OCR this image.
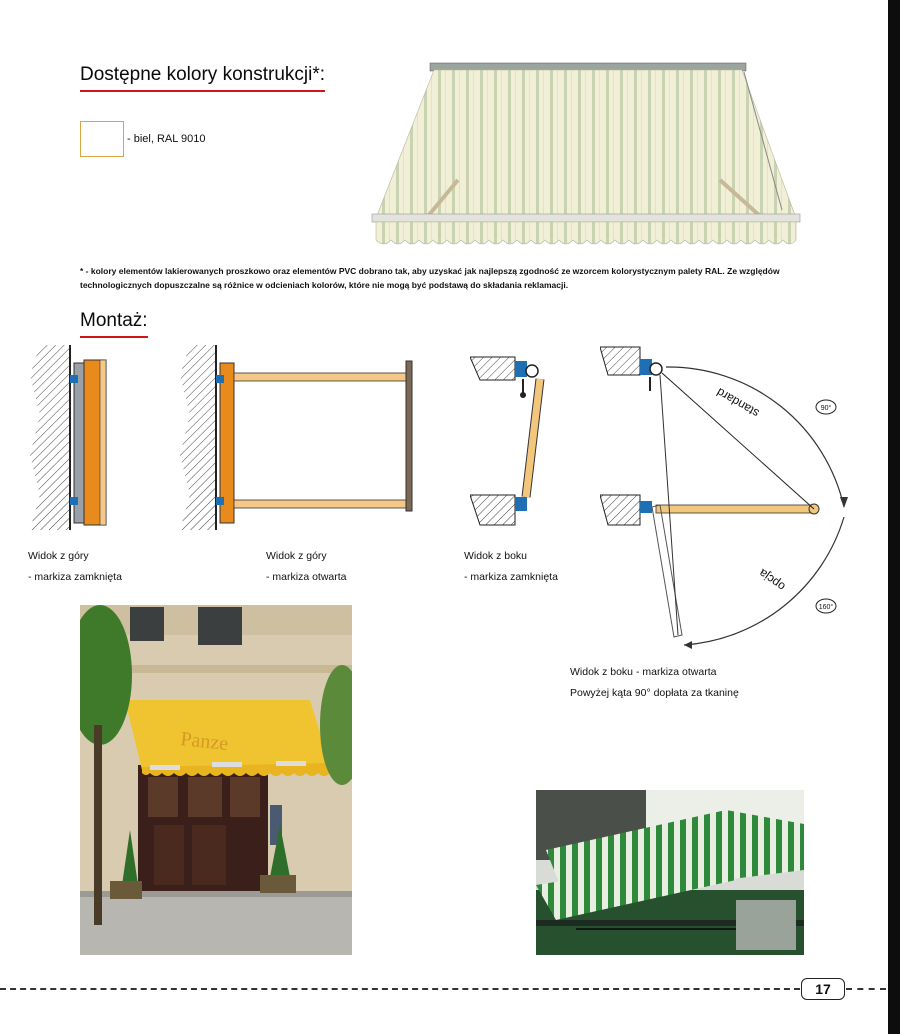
Dostępne kolory konstrukcji*:
- biel, RAL 9010

* - kolory elementów lakierowanych proszkowo oraz elementów PVC dobrano tak, aby uzyskać jak najlepszą zgodność ze wzorcem kolorystycznym palety RAL. Ze względów technologicznych dopuszczalne są różnice w odcieniach kolorów, które nie mogą być podstawą do składania reklamacji.

Montaż:
standard	90°
opcja
160°
Widok z góry
- markiza zamknięta
Widok z góry
- markiza otwarta
Widok z boku
- markiza zamknięta
Widok z boku - markiza otwarta
Powyżej kąta 90° dopłata za tkaninę
Panze
17
